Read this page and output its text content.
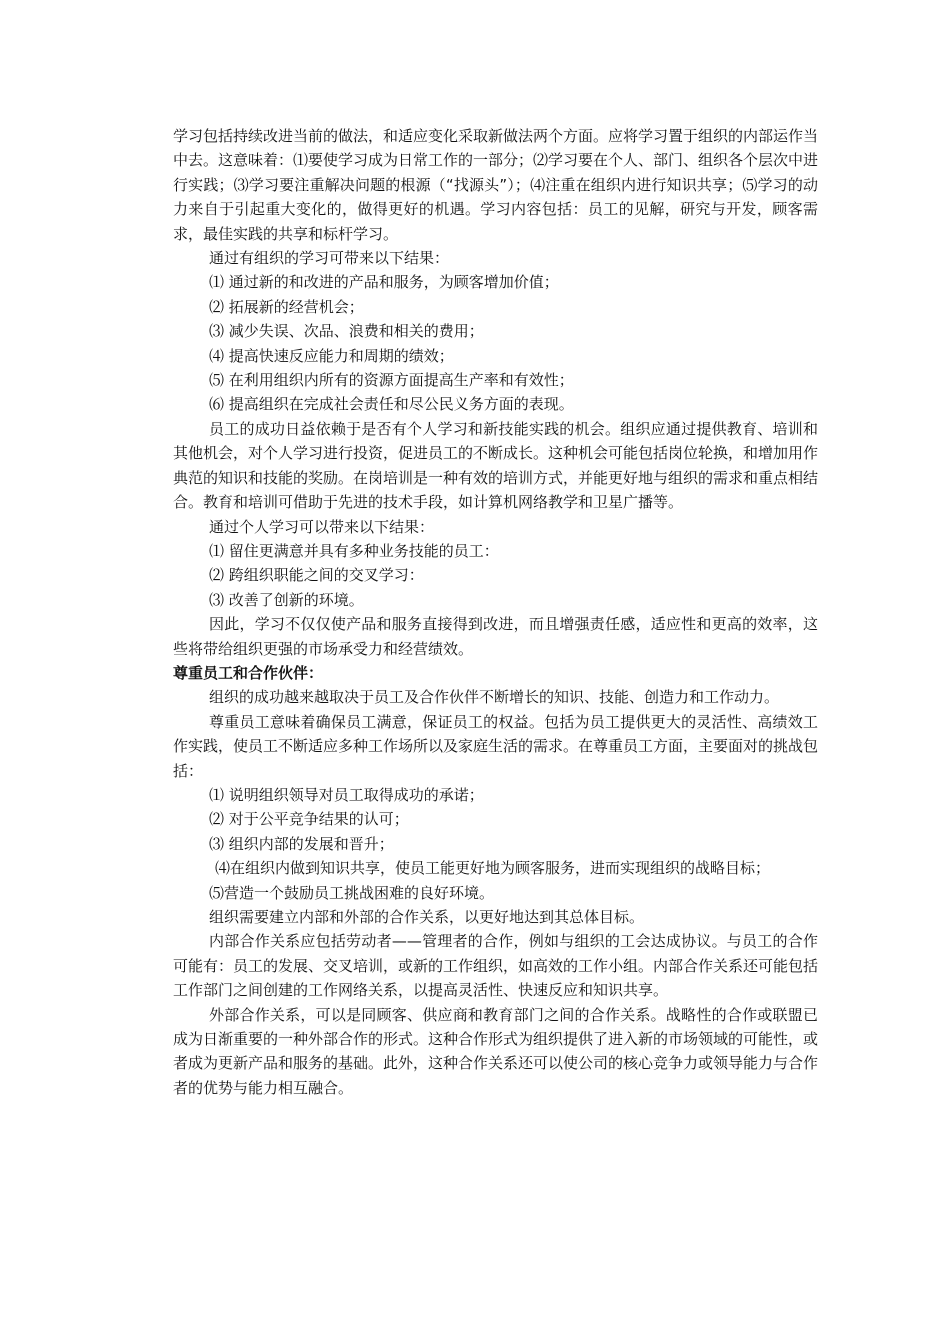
学习包括持续改进当前的做法，和适应变化采取新做法两个方面。应将学习置于组织的内部运作当中去。这意味着：⑴要使学习成为日常工作的一部分；⑵学习要在个人、部门、组织各个层次中进行实践；⑶学习要注重解决问题的根源（“找源头”）；⑷注重在组织内进行知识共享；⑸学习的动力来自于引起重大变化的，做得更好的机遇。学习内容包括：员工的见解，研究与开发，顾客需求，最佳实践的共享和标杆学习。

通过有组织的学习可带来以下结果：

⑴ 通过新的和改进的产品和服务，为顾客增加价值；

⑵ 拓展新的经营机会；

⑶ 减少失误、次品、浪费和相关的费用；

⑷ 提高快速反应能力和周期的绩效；

⑸ 在利用组织内所有的资源方面提高生产率和有效性；

⑹ 提高组织在完成社会责任和尽公民义务方面的表现。

员工的成功日益依赖于是否有个人学习和新技能实践的机会。组织应通过提供教育、培训和其他机会，对个人学习进行投资，促进员工的不断成长。这种机会可能包括岗位轮换，和增加用作典范的知识和技能的奖励。在岗培训是一种有效的培训方式，并能更好地与组织的需求和重点相结合。教育和培训可借助于先进的技术手段，如计算机网络教学和卫星广播等。

通过个人学习可以带来以下结果：

⑴ 留住更满意并具有多种业务技能的员工：

⑵ 跨组织职能之间的交叉学习：

⑶ 改善了创新的环境。

因此，学习不仅仅使产品和服务直接得到改进，而且增强责任感，适应性和更高的效率，这些将带给组织更强的市场承受力和经营绩效。

尊重员工和合作伙伴：

组织的成功越来越取决于员工及合作伙伴不断增长的知识、技能、创造力和工作动力。

尊重员工意味着确保员工满意，保证员工的权益。包括为员工提供更大的灵活性、高绩效工作实践，使员工不断适应多种工作场所以及家庭生活的需求。在尊重员工方面，主要面对的挑战包括：

⑴ 说明组织领导对员工取得成功的承诺；

⑵ 对于公平竞争结果的认可；

⑶ 组织内部的发展和晋升；

⑷在组织内做到知识共享，使员工能更好地为顾客服务，进而实现组织的战略目标；

⑸营造一个鼓励员工挑战困难的良好环境。

组织需要建立内部和外部的合作关系，以更好地达到其总体目标。

内部合作关系应包括劳动者——管理者的合作，例如与组织的工会达成协议。与员工的合作可能有：员工的发展、交叉培训，或新的工作组织，如高效的工作小组。内部合作关系还可能包括工作部门之间创建的工作网络关系，以提高灵活性、快速反应和知识共享。

外部合作关系，可以是同顾客、供应商和教育部门之间的合作关系。战略性的合作或联盟已成为日渐重要的一种外部合作的形式。这种合作形式为组织提供了进入新的市场领域的可能性，或者成为更新产品和服务的基础。此外，这种合作关系还可以使公司的核心竞争力或领导能力与合作者的优势与能力相互融合。
